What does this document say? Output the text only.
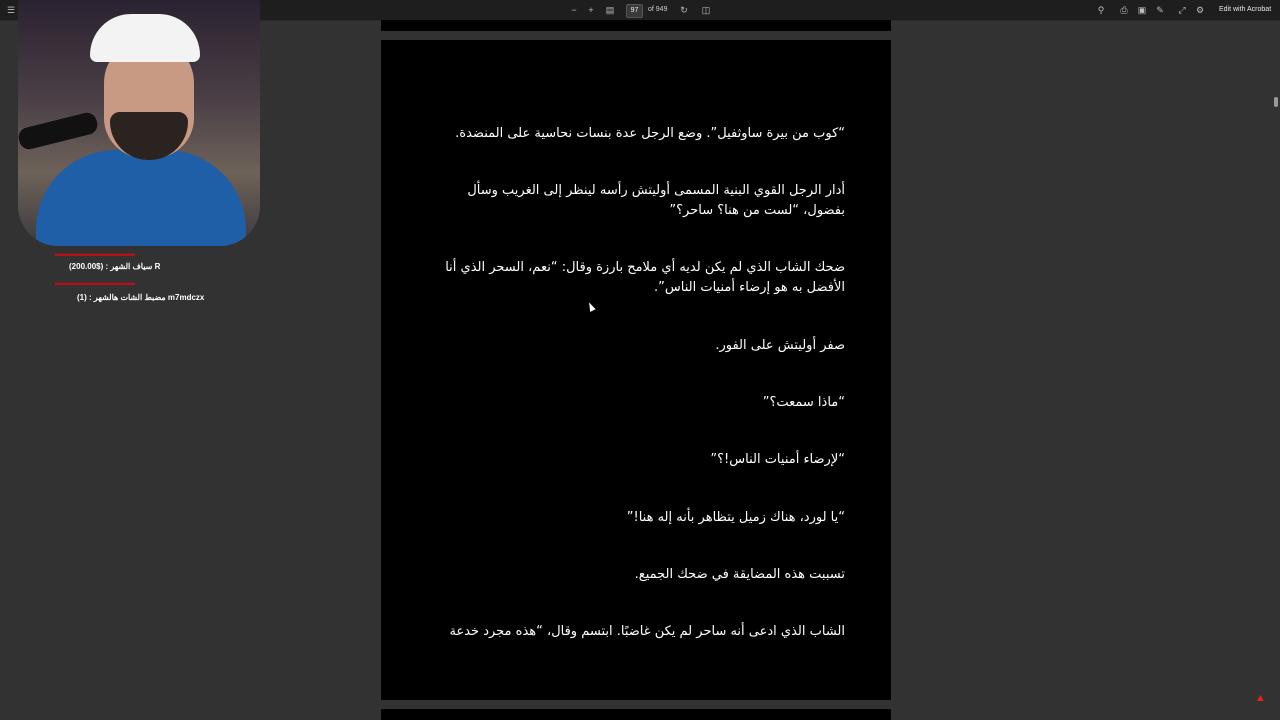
☰	−	+	▤	97	of 949 ↻ ◫	⚲	⎙ ▣ ✎ ⤢ ⚙ Edit with Acrobat
“كوب من بيرة ساوثفيل”. وضع الرجل عدة بنسات نحاسية على المنضدة.
أدار الرجل القوي البنية المسمى أوليتش رأسه لينظر إلى الغريب وسأل بفضول، “لست من هنا؟ ساحر؟”
ضحك الشاب الذي لم يكن لديه أي ملامح بارزة وقال: “نعم، السحر الذي أنا الأفضل به هو إرضاء أمنيات الناس”.
صفر أوليتش على الفور.
“ماذا سمعت؟”
“لإرضاء أمنيات الناس!؟”
“يا لورد، هناك زميل يتظاهر بأنه إله هنا!”
تسببت هذه المضايقة في ضحك الجميع.
الشاب الذي ادعى أنه ساحر لم يكن غاضبًا. ابتسم وقال، “هذه مجرد خدعة
▬▬▬▬▬▬▬▬▬▬
سياف الشهر : ($200.00) R
▬▬▬▬▬▬▬▬▬▬
مضبط الشات هالشهر : (1) m7mdczx
▲
